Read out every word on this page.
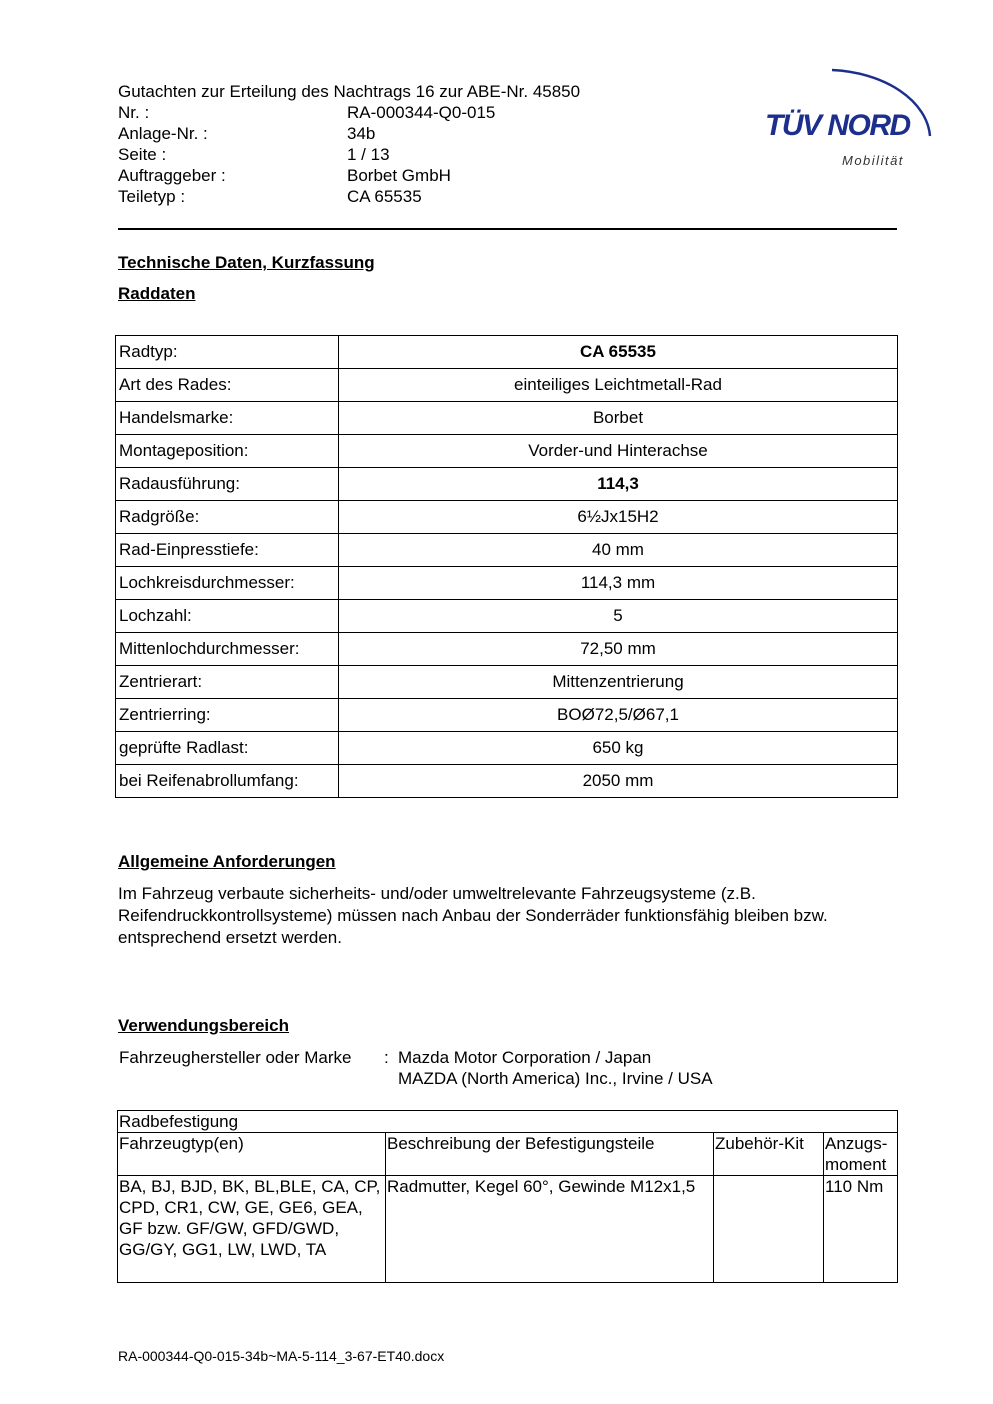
Gutachten zur Erteilung des Nachtrags 16 zur ABE-Nr. 45850
Nr. :	RA-000344-Q0-015
Anlage-Nr. :	34b
Seite :	1 / 13
Auftraggeber :	Borbet GmbH
Teiletyp :	CA 65535
TÜV NORD
Mobilität
Technische Daten, Kurzfassung
Raddaten
Radtyp:	CA 65535
Art des Rades:	einteiliges Leichtmetall-Rad
Handelsmarke:	Borbet
Montageposition:	Vorder-und Hinterachse
Radausführung:	114,3
Radgröße:	6½Jx15H2
Rad-Einpresstiefe:	40 mm
Lochkreisdurchmesser:	114,3 mm
Lochzahl:	5
Mittenlochdurchmesser:	72,50 mm
Zentrierart:	Mittenzentrierung
Zentrierring:	BOØ72,5/Ø67,1
geprüfte Radlast:	650 kg
bei Reifenabrollumfang:	2050 mm
Allgemeine Anforderungen
Im Fahrzeug verbaute sicherheits- und/oder umweltrelevante Fahrzeugsysteme (z.B. Reifendruckkontrollsysteme) müssen nach Anbau der Sonderräder funktionsfähig bleiben bzw. entsprechend ersetzt werden.
Verwendungsbereich
Fahrzeughersteller oder Marke : Mazda Motor Corporation / Japan
MAZDA (North America) Inc., Irvine / USA
Radbefestigung			
Fahrzeugtyp(en)	Beschreibung der Befestigungsteile	Zubehör-Kit	Anzugs-moment
BA, BJ, BJD, BK, BL,BLE, CA, CP, CPD, CR1, CW, GE, GE6, GEA, GF bzw. GF/GW, GFD/GWD, GG/GY, GG1, LW, LWD, TA	Radmutter, Kegel 60°, Gewinde M12x1,5		110 Nm
RA-000344-Q0-015-34b~MA-5-114_3-67-ET40.docx
